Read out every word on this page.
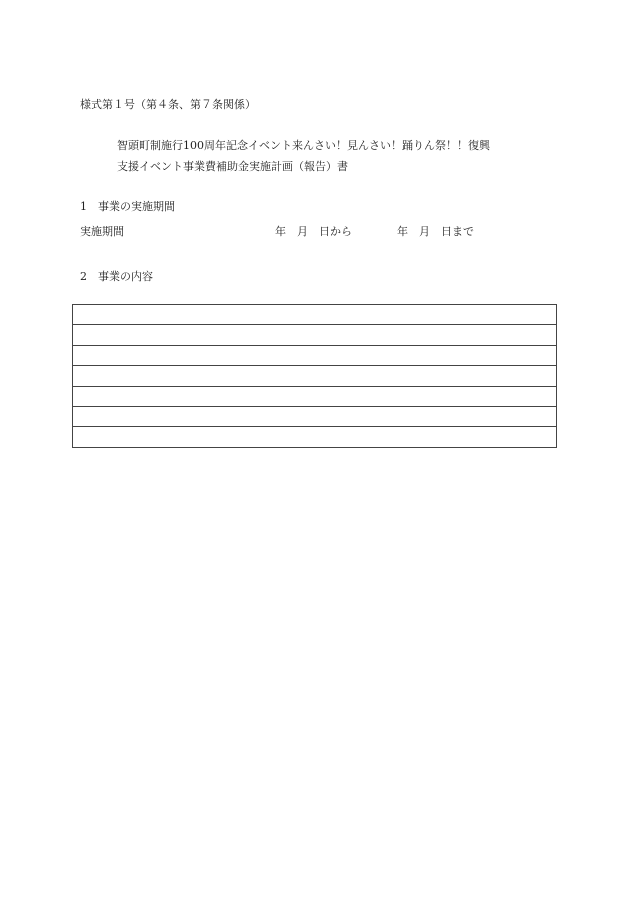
様式第１号（第４条、第７条関係）
智頭町制施行100周年記念イベント来んさい！見んさい！踊りん祭！！復興
支援イベント事業費補助金実施計画（報告）書
1　事業の実施期間
実施期間	年　月　日から	年　月　日まで
2　事業の内容
